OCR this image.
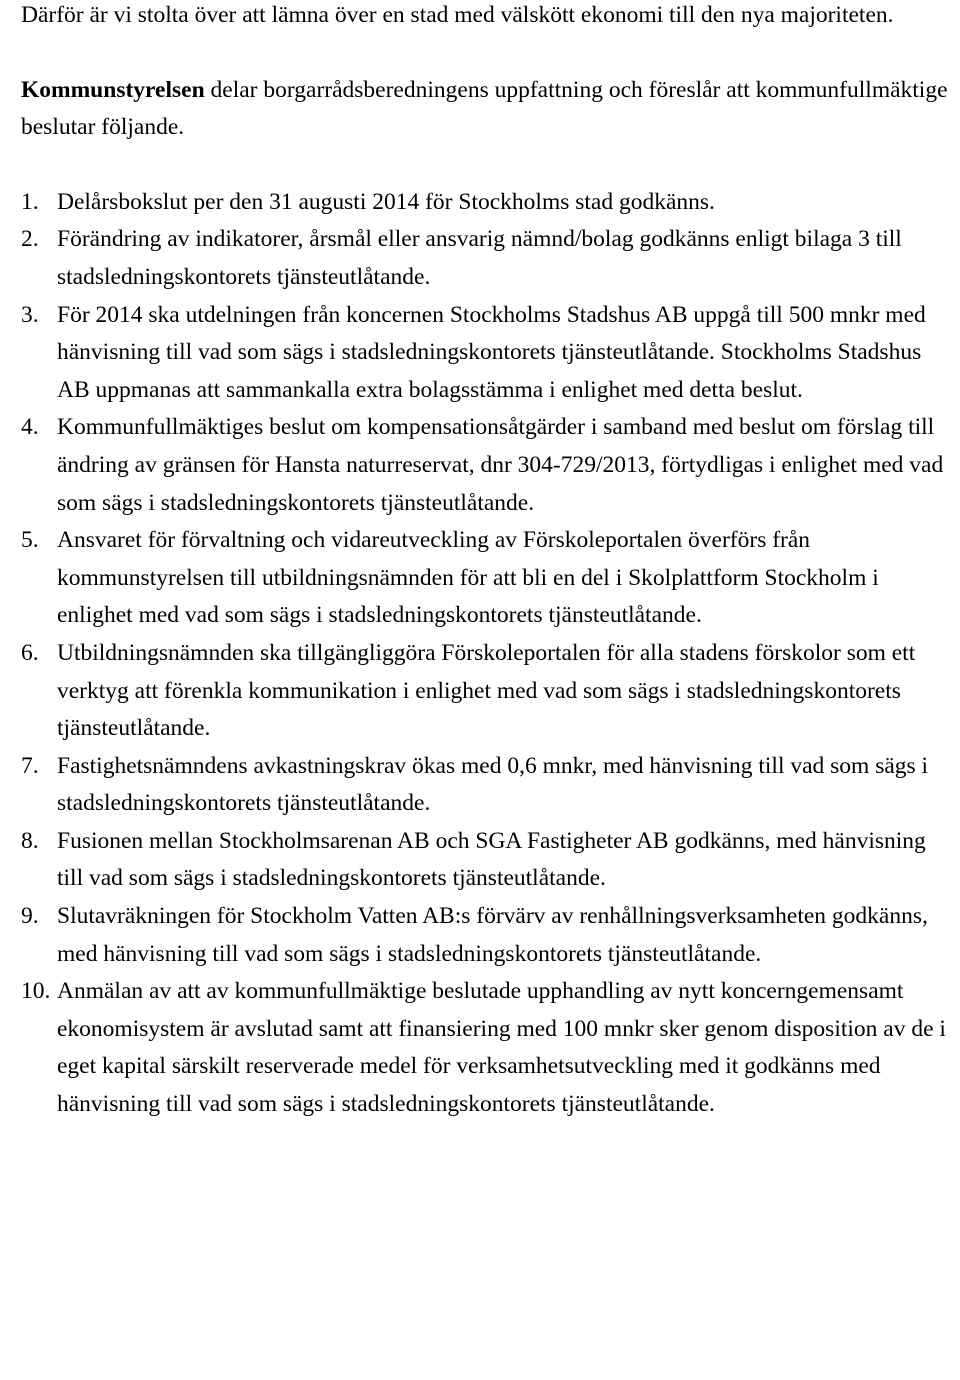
Därför är vi stolta över att lämna över en stad med välskött ekonomi till den nya majoriteten.

Kommunstyrelsen delar borgarrådsberedningens uppfattning och föreslår att kommunfullmäktige beslutar följande.

1. Delårsbokslut per den 31 augusti 2014 för Stockholms stad godkänns.
2. Förändring av indikatorer, årsmål eller ansvarig nämnd/bolag godkänns enligt bilaga 3 till stadsledningskontorets tjänsteutlåtande.
3. För 2014 ska utdelningen från koncernen Stockholms Stadshus AB uppgå till 500 mnkr med hänvisning till vad som sägs i stadsledningskontorets tjänsteutlåtande. Stockholms Stadshus AB uppmanas att sammankalla extra bolagsstämma i enlighet med detta beslut.
4. Kommunfullmäktiges beslut om kompensationsåtgärder i samband med beslut om förslag till ändring av gränsen för Hansta naturreservat, dnr 304-729/2013, förtydligas i enlighet med vad som sägs i stadsledningskontorets tjänsteutlåtande.
5. Ansvaret för förvaltning och vidareutveckling av Förskoleportalen överförs från kommunstyrelsen till utbildningsnämnden för att bli en del i Skolplattform Stockholm i enlighet med vad som sägs i stadsledningskontorets tjänsteutlåtande.
6. Utbildningsnämnden ska tillgängliggöra Förskoleportalen för alla stadens förskolor som ett verktyg att förenkla kommunikation i enlighet med vad som sägs i stadsledningskontorets tjänsteutlåtande.
7. Fastighetsnämndens avkastningskrav ökas med 0,6 mnkr, med hänvisning till vad som sägs i stadsledningskontorets tjänsteutlåtande.
8. Fusionen mellan Stockholmsarenan AB och SGA Fastigheter AB godkänns, med hänvisning till vad som sägs i stadsledningskontorets tjänsteutlåtande.
9. Slutavräkningen för Stockholm Vatten AB:s förvärv av renhållningsverksamheten godkänns, med hänvisning till vad som sägs i stadsledningskontorets tjänsteutlåtande.
10. Anmälan av att av kommunfullmäktige beslutade upphandling av nytt koncerngemensamt ekonomisystem är avslutad samt att finansiering med 100 mnkr sker genom disposition av de i eget kapital särskilt reserverade medel för verksamhetsutveckling med it godkänns med hänvisning till vad som sägs i stadsledningskontorets tjänsteutlåtande.
